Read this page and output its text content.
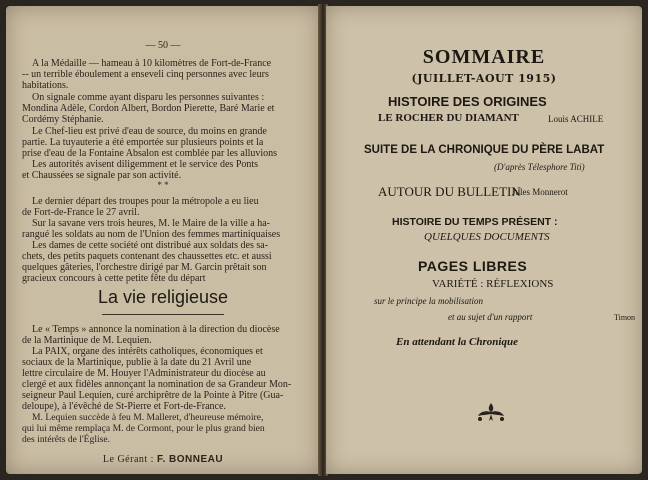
— 50 —
A la Médaille — hameau à 10 kilomètres de Fort-de-France
-- un terrible éboulement a enseveli cinq personnes avec leurs
habitations.
On signale comme ayant disparu les personnes suivantes :
Mondina Adèle, Cordon Albert, Bordon Pierette, Baré Marie et
Cordémy Stéphanie.
Le Chef-lieu est privé d'eau de source, du moins en grande
partie. La tuyauterie a été emportée sur plusieurs points et la
prise d'eau de la Fontaine Absalon est comblée par les alluvions
Les autorités avisent diligemment et le service des Ponts
et Chaussées se signale par son activité.
* *
Le dernier départ des troupes pour la métropole a eu lieu
de Fort-de-France le 27 avril.
Sur la savane vers trois heures, M. le Maire de la ville a ha-
rangué les soldats au nom de l'Union des femmes martiniquaises
Les dames de cette société ont distribué aux soldats des sa-
chets, des petits paquets contenant des chaussettes etc. et aussi
quelques gâteries, l'orchestre dirigé par M. Garcin prêtait son
gracieux concours à cette petite fête du départ
La vie religieuse
Le « Temps » annonce la nomination à la direction du diocèse
de la Martinique de M. Lequien.
La PAIX, organe des intérêts catholiques, économiques et
sociaux de la Martinique, publie à la date du 21 Avril une
lettre circulaire de M. Houyer l'Administrateur du diocèse au
clergé et aux fidèles annonçant la nomination de sa Grandeur Mon-
seigneur Paul Lequien, curé archiprêtre de la Pointe à Pitre (Gua-
deloupe), à l'évêché de St-Pierre et Fort-de-France.
M. Lequien succède à feu M. Malleret, d'heureuse mémoire,
qui lui même remplaça M. de Cormont, pour le plus grand bien
des intérêts de l'Église.
Le Gérant : F. BONNEAU
SOMMAIRE
(JUILLET-AOUT 1915)
HISTOIRE DES ORIGINES
LE ROCHER DU DIAMANT	Louis ACHILE
SUITE DE LA CHRONIQUE DU PÈRE LABAT
(D'après Télesphore Titi)
AUTOUR DU BULLETIN
Jules Monnerot
HISTOIRE DU TEMPS PRÉSENT :
QUELQUES DOCUMENTS
PAGES LIBRES
VARIÉTÉ : RÉFLEXIONS
sur le principe la mobilisation
et au sujet d'un rapport	Timon
En attendant la Chronique
